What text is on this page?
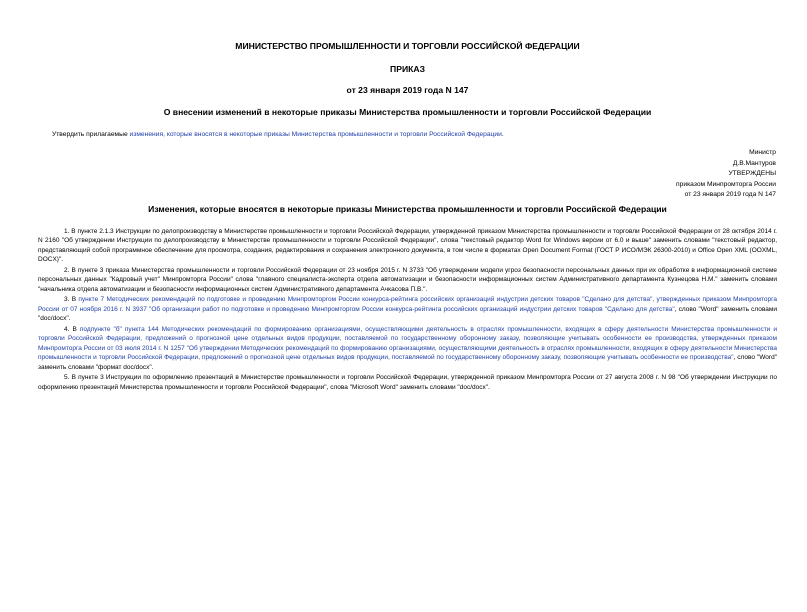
МИНИСТЕРСТВО ПРОМЫШЛЕННОСТИ И ТОРГОВЛИ РОССИЙСКОЙ ФЕДЕРАЦИИ
ПРИКАЗ
от 23 января 2019 года N 147
О внесении изменений в некоторые приказы Министерства промышленности и торговли Российской Федерации
Утвердить прилагаемые изменения, которые вносятся в некоторые приказы Министерства промышленности и торговли Российской Федерации.
Министр
Д.В.Мантуров
УТВЕРЖДЕНЫ
приказом Минпромторга России
от 23 января 2019 года N 147
Изменения, которые вносятся в некоторые приказы Министерства промышленности и торговли Российской Федерации

1. В пункте 2.1.3 Инструкции по делопроизводству в Министерстве промышленности и торговли Российской Федерации, утвержденной приказом Министерства промышленности и торговли Российской Федерации от 28 октября 2014 г. N 2160 "Об утверждении Инструкции по делопроизводству в Министерстве промышленности и торговли Российской Федерации", слова "текстовый редактор Word for Windows версии от 6.0 и выше" заменить словами "текстовый редактор, представляющий собой программное обеспечение для просмотра, создания, редактирования и сохранения электронного документа, в том числе в форматах Open Document Format (ГОСТ Р ИСО/МЭК 26300-2010) и Office Open XML (OOXML, DOCX)".

2. В пункте 3 приказа Министерства промышленности и торговли Российской Федерации от 23 ноября 2015 г. N 3733 "Об утверждении модели угроз безопасности персональных данных при их обработке в информационной системе персональных данных "Кадровый учет" Минпромторга России" слова "главного специалиста-эксперта отдела автоматизации и безопасности информационных систем Административного департамента Кузнецова Н.М." заменить словами "начальника отдела автоматизации и безопасности информационных систем Административного департамента Ачкасова П.В.".

3. В пункте 7 Методических рекомендаций по подготовке и проведению Минпромторгом России конкурса-рейтинга российских организаций индустрии детских товаров "Сделано для детства", утвержденных приказом Минпромторга России от 07 ноября 2016 г. N 3937 "Об организации работ по подготовке и проведению Минпромторгом России конкурса-рейтинга российских организаций индустрии детских товаров "Сделано для детства", слово "Word" заменить словами "doc/docx".

4. В подпункте "б" пункта 144 Методических рекомендаций по формированию организациями, осуществляющими деятельность в отраслях промышленности, входящих в сферу деятельности Министерства промышленности и торговли Российской Федерации, предложений о прогнозной цене отдельных видов продукции, поставляемой по государственному оборонному заказу, позволяющие учитывать особенности ее производства, утвержденных приказом Минпромторга России от 03 июля 2014 г. N 1257 "Об утверждении Методических рекомендаций по формированию организациями, осуществляющими деятельность в отраслях промышленности, входящих в сферу деятельности Министерства промышленности и торговли Российской Федерации, предложений о прогнозной цене отдельных видов продукции, поставляемой по государственному оборонному заказу, позволяющие учитывать особенности ее производства", слово "Word" заменить словами "формат doc/docx".

5. В пункте 3 Инструкции по оформлению презентаций в Министерстве промышленности и торговли Российской Федерации, утвержденной приказом Минпромторга России от 27 августа 2008 г. N 98 "Об утверждении Инструкции по оформлению презентаций Министерства промышленности и торговли Российской Федерации", слова "Microsoft Word" заменить словами "doc/docx".
